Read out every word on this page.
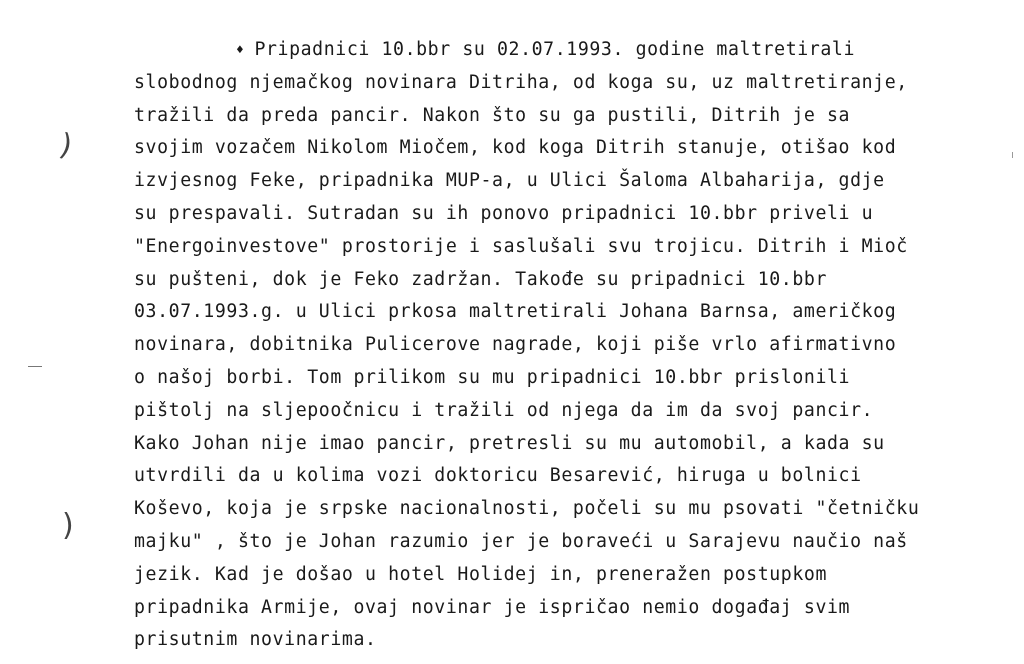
)
)
♦ Pripadnici 10.bbr su 02.07.1993. godine maltretirali
slobodnog njemačkog novinara Ditriha, od koga su, uz maltretiranje,
tražili da preda pancir. Nakon što su ga pustili, Ditrih je sa
svojim vozačem Nikolom Miočem, kod koga Ditrih stanuje, otišao kod
izvjesnog Feke, pripadnika MUP-a, u Ulici Šaloma Albaharija, gdje
su prespavali. Sutradan su ih ponovo pripadnici 10.bbr priveli u
"Energoinvestove" prostorije i saslušali svu trojicu. Ditrih i Mioč
su pušteni, dok je Feko zadržan. Takođe su pripadnici 10.bbr
03.07.1993.g. u Ulici prkosa maltretirali Johana Barnsa, američkog
novinara, dobitnika Pulicerove nagrade, koji piše vrlo afirmativno
o našoj borbi. Tom prilikom su mu pripadnici 10.bbr prislonili
pištolj na sljepoočnicu i tražili od njega da im da svoj pancir.
Kako Johan nije imao pancir, pretresli su mu automobil, a kada su
utvrdili da u kolima vozi doktoricu Besarević, hiruga u bolnici
Koševo, koja je srpske nacionalnosti, počeli su mu psovati "četničku
majku" , što je Johan razumio jer je boraveći u Sarajevu naučio naš
jezik. Kad je došao u hotel Holidej in, preneražen postupkom
pripadnika Armije, ovaj novinar je ispričao nemio događaj svim
prisutnim novinarima.
